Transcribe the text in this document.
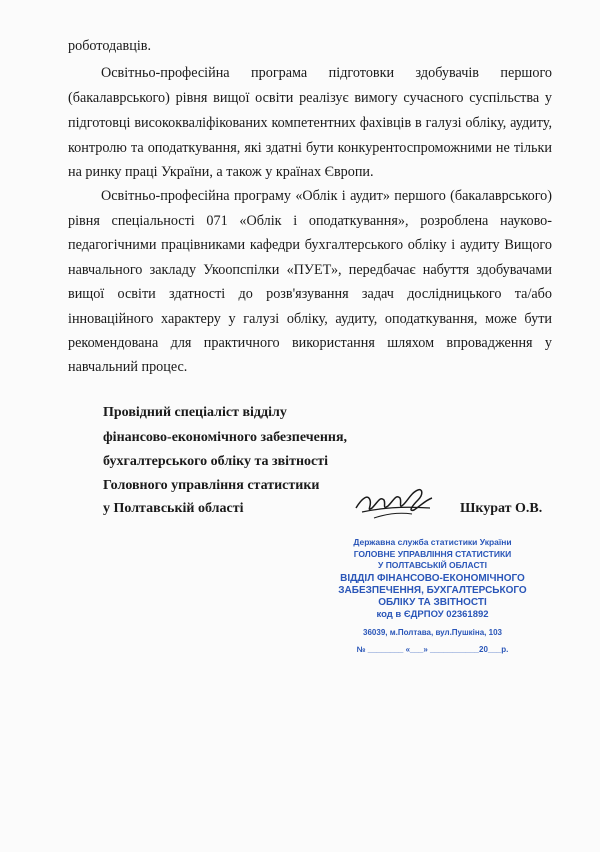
роботодавців.
Освітньо-професійна програма підготовки здобувачів першого
(бакалаврського) рівня вищої освіти реалізує вимогу сучасного суспільства у
підготовці висококваліфікованих компетентних фахівців в галузі обліку, аудиту,
контролю та оподаткування, які здатні бути конкурентоспроможними не тільки
на ринку праці України, а також у країнах Європи.
Освітньо-професійна програму «Облік і аудит» першого (бакалаврського)
рівня спеціальності 071 «Облік і оподаткування», розроблена науково-
педагогічними працівниками кафедри бухгалтерського обліку і аудиту Вищого
навчального закладу Укоопспілки «ПУЕТ», передбачає набуття здобувачами
вищої освіти здатності до розв'язування задач дослідницького та/або
інноваційного характеру у галузі обліку, аудиту, оподаткування, може бути
рекомендована для практичного використання шляхом впровадження у
навчальний процес.
Провідний спеціаліст відділу
фінансово-економічного забезпечення,
бухгалтерського обліку та звітності
Головного управління статистики
у Полтавській області	Шкурат О.В.
Державна служба статистики України
ГОЛОВНЕ УПРАВЛІННЯ СТАТИСТИКИ
У ПОЛТАВСЬКІЙ ОБЛАСТІ
ВІДДІЛ ФІНАНСОВО-ЕКОНОМІЧНОГО
ЗАБЕЗПЕЧЕННЯ, БУХГАЛТЕРСЬКОГО
ОБЛІКУ ТА ЗВІТНОСТІ
код в ЄДРПОУ 02361892
36039, м.Полтава, вул.Пушкіна, 103
№ ________ «___» ___________20___р.
